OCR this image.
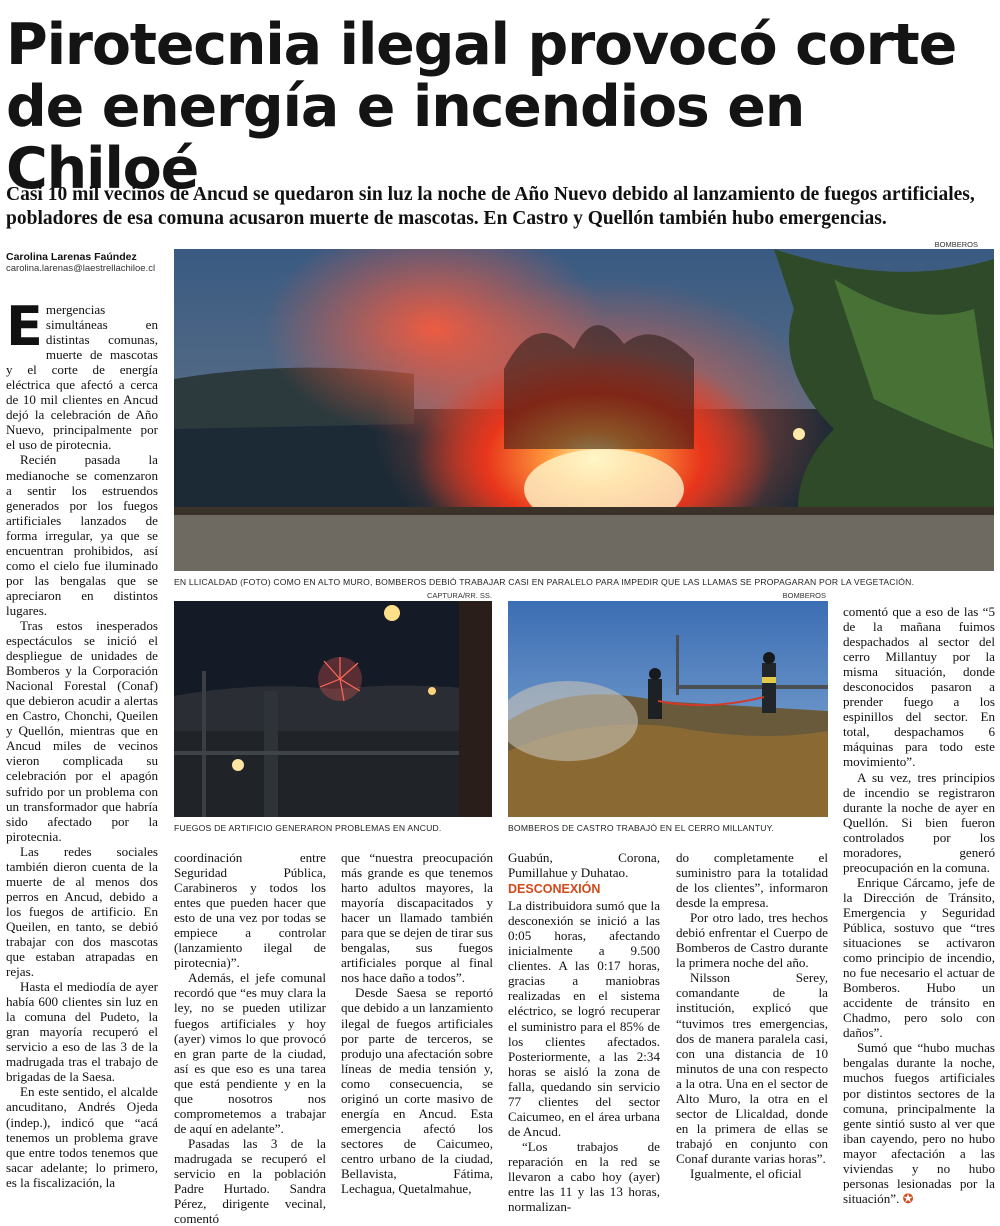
Pirotecnia ilegal provocó corte de energía e incendios en Chiloé

Casi 10 mil vecinos de Ancud se quedaron sin luz la noche de Año Nuevo debido al lanzamiento de fuegos artificiales, pobladores de esa comuna acusaron muerte de mascotas. En Castro y Quellón también hubo emergencias.

Carolina Larenas Faúndez
carolina.larenas@laestrellachiloe.cl
BOMBEROS
EN LLICALDAD (FOTO) COMO EN ALTO MURO, BOMBEROS DEBIÓ TRABAJAR CASI EN PARALELO PARA IMPEDIR QUE LAS LLAMAS SE PROPAGARAN POR LA VEGETACIÓN.
CAPTURA/RR. SS.
FUEGOS DE ARTIFICIO GENERARON PROBLEMAS EN ANCUD.
BOMBEROS
BOMBEROS DE CASTRO TRABAJÓ EN EL CERRO MILLANTUY.

Emergencias simultáneas en distintas comunas, muerte de mascotas y el corte de energía eléctrica que afectó a cerca de 10 mil clientes en Ancud dejó la celebración de Año Nuevo, principalmente por el uso de pirotecnia.

Recién pasada la medianoche se comenzaron a sentir los estruendos generados por los fuegos artificiales lanzados de forma irregular, ya que se encuentran prohibidos, así como el cielo fue iluminado por las bengalas que se apreciaron en distintos lugares.

Tras estos inesperados espectáculos se inició el despliegue de unidades de Bomberos y la Corporación Nacional Forestal (Conaf) que debieron acudir a alertas en Castro, Chonchi, Queilen y Quellón, mientras que en Ancud miles de vecinos vieron complicada su celebración por el apagón sufrido por un problema con un transformador que habría sido afectado por la pirotecnia.

Las redes sociales también dieron cuenta de la muerte de al menos dos perros en Ancud, debido a los fuegos de artificio. En Queilen, en tanto, se debió trabajar con dos mascotas que estaban atrapadas en rejas.

Hasta el mediodía de ayer había 600 clientes sin luz en la comuna del Pudeto, la gran mayoría recuperó el servicio a eso de las 3 de la madrugada tras el trabajo de brigadas de la Saesa.

En este sentido, el alcalde ancuditano, Andrés Ojeda (indep.), indicó que “acá tenemos un problema grave que entre todos tenemos que sacar adelante; lo primero, es la fiscalización, la

coordinación entre Seguridad Pública, Carabineros y todos los entes que pueden hacer que esto de una vez por todas se empiece a controlar (lanzamiento ilegal de pirotecnia)”.

Además, el jefe comunal recordó que “es muy clara la ley, no se pueden utilizar fuegos artificiales y hoy (ayer) vimos lo que provocó en gran parte de la ciudad, así es que eso es una tarea que está pendiente y en la que nosotros nos comprometemos a trabajar de aquí en adelante”.

Pasadas las 3 de la madrugada se recuperó el servicio en la población Padre Hurtado. Sandra Pérez, dirigente vecinal, comentó

que “nuestra preocupación más grande es que tenemos harto adultos mayores, la mayoría discapacitados y hacer un llamado también para que se dejen de tirar sus bengalas, sus fuegos artificiales porque al final nos hace daño a todos”.

Desde Saesa se reportó que debido a un lanzamiento ilegal de fuegos artificiales por parte de terceros, se produjo una afectación sobre líneas de media tensión y, como consecuencia, se originó un corte masivo de energía en Ancud. Esta emergencia afectó los sectores de Caicumeo, centro urbano de la ciudad, Bellavista, Fátima, Lechagua, Quetalmahue,

Guabún, Corona, Pumillahue y Duhatao.

DESCONEXIÓN

La distribuidora sumó que la desconexión se inició a las 0:05 horas, afectando inicialmente a 9.500 clientes. A las 0:17 horas, gracias a maniobras realizadas en el sistema eléctrico, se logró recuperar el suministro para el 85% de los clientes afectados. Posteriormente, a las 2:34 horas se aisló la zona de falla, quedando sin servicio 77 clientes del sector Caicumeo, en el área urbana de Ancud.

“Los trabajos de reparación en la red se llevaron a cabo hoy (ayer) entre las 11 y las 13 horas, normalizan-

do completamente el suministro para la totalidad de los clientes”, informaron desde la empresa.

Por otro lado, tres hechos debió enfrentar el Cuerpo de Bomberos de Castro durante la primera noche del año.

Nilsson Serey, comandante de la institución, explicó que “tuvimos tres emergencias, dos de manera paralela casi, con una distancia de 10 minutos de una con respecto a la otra. Una en el sector de Alto Muro, la otra en el sector de Llicaldad, donde en la primera de ellas se trabajó en conjunto con Conaf durante varias horas”.

Igualmente, el oficial

comentó que a eso de las “5 de la mañana fuimos despachados al sector del cerro Millantuy por la misma situación, donde desconocidos pasaron a prender fuego a los espinillos del sector. En total, despachamos 6 máquinas para todo este movimiento”.

A su vez, tres principios de incendio se registraron durante la noche de ayer en Quellón. Si bien fueron controlados por los moradores, generó preocupación en la comuna.

Enrique Cárcamo, jefe de la Dirección de Tránsito, Emergencia y Seguridad Pública, sostuvo que “tres situaciones se activaron como principio de incendio, no fue necesario el actuar de Bomberos. Hubo un accidente de tránsito en Chadmo, pero solo con daños”.

Sumó que “hubo muchas bengalas durante la noche, muchos fuegos artificiales por distintos sectores de la comuna, principalmente la gente sintió susto al ver que iban cayendo, pero no hubo mayor afectación a las viviendas y no hubo personas lesionadas por la situación”. ✪
